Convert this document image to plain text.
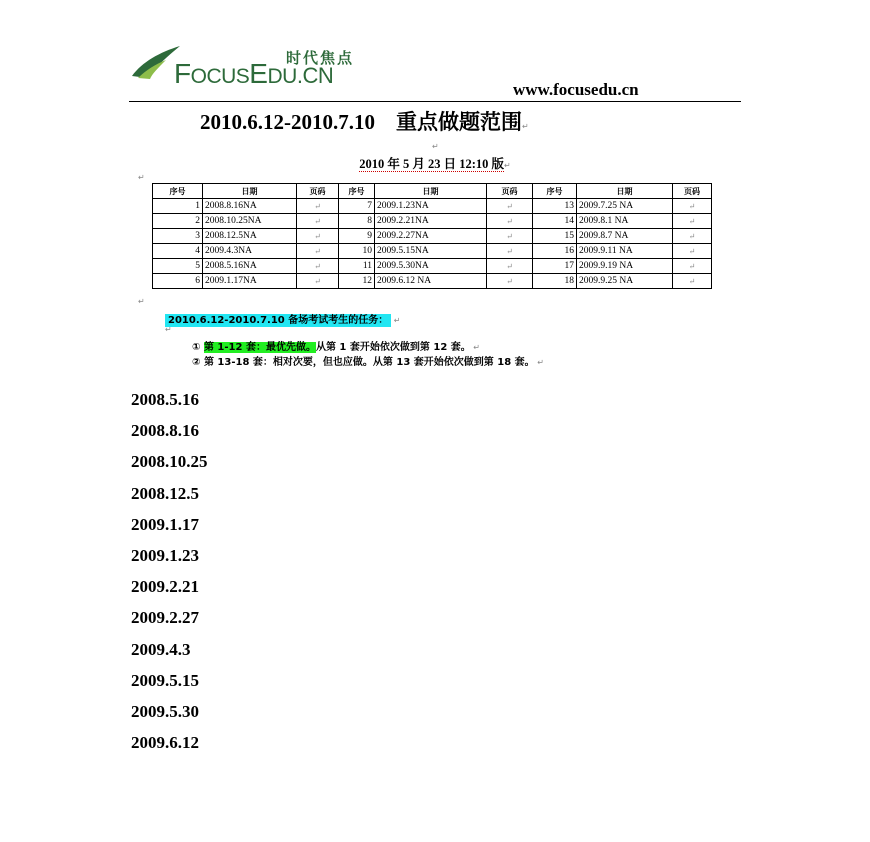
时代焦点
FOCUSEDU.CN
www.focusedu.cn
2010.6.12-2010.7.10    重点做题范围↵
↵
2010 年 5 月 23 日 12:10 版↵
↵
序号	日期	页码	序号	日期	页码	序号	日期	页码
1	2008.8.16NA	↵	7	2009.1.23NA	↵	13	2009.7.25 NA	↵
2	2008.10.25NA	↵	8	2009.2.21NA	↵	14	2009.8.1 NA	↵
3	2008.12.5NA	↵	9	2009.2.27NA	↵	15	2009.8.7 NA	↵
4	2009.4.3NA	↵	10	2009.5.15NA	↵	16	2009.9.11 NA	↵
5	2008.5.16NA	↵	11	2009.5.30NA	↵	17	2009.9.19 NA	↵
6	2009.1.17NA	↵	12	2009.6.12 NA	↵	18	2009.9.25 NA	↵
↵
2010.6.12-2010.7.10 备场考试考生的任务： ↵
↵
① 第 1-12 套：最优先做。从第 1 套开始依次做到第 12 套。 ↵
② 第 13-18 套：相对次要，但也应做。从第 13 套开始依次做到第 18 套。 ↵
2008.5.16
2008.8.16
2008.10.25
2008.12.5
2009.1.17
2009.1.23
2009.2.21
2009.2.27
2009.4.3
2009.5.15
2009.5.30
2009.6.12
